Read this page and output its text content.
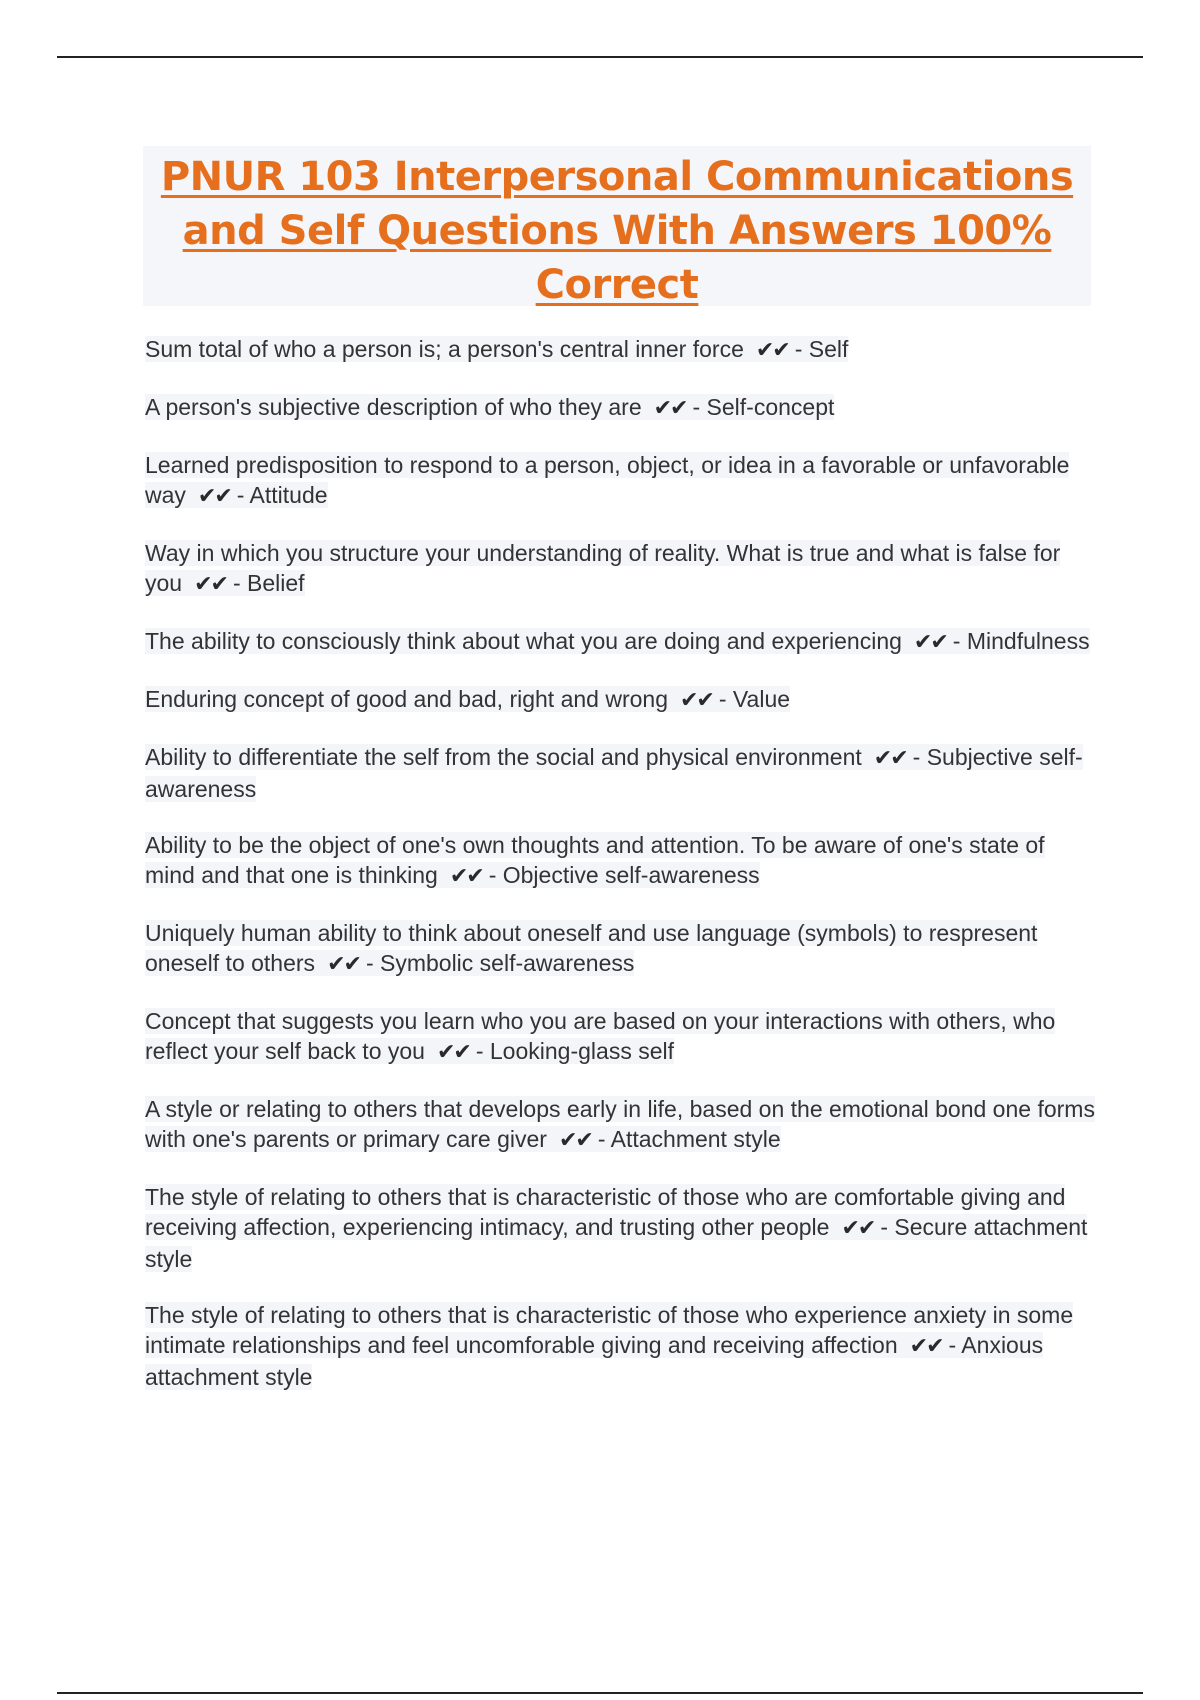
PNUR 103 Interpersonal Communications and Self Questions With Answers 100% Correct

Sum total of who a person is; a person's central inner force ✔✔ - Self

A person's subjective description of who they are ✔✔ - Self-concept

Learned predisposition to respond to a person, object, or idea in a favorable or unfavorable way ✔✔ - Attitude

Way in which you structure your understanding of reality. What is true and what is false for you ✔✔ - Belief

The ability to consciously think about what you are doing and experiencing ✔✔ - Mindfulness

Enduring concept of good and bad, right and wrong ✔✔ - Value

Ability to differentiate the self from the social and physical environment ✔✔ - Subjective self-awareness

Ability to be the object of one's own thoughts and attention. To be aware of one's state of mind and that one is thinking ✔✔ - Objective self-awareness

Uniquely human ability to think about oneself and use language (symbols) to respresent oneself to others ✔✔ - Symbolic self-awareness

Concept that suggests you learn who you are based on your interactions with others, who reflect your self back to you ✔✔ - Looking-glass self

A style or relating to others that develops early in life, based on the emotional bond one forms with one's parents or primary care giver ✔✔ - Attachment style

The style of relating to others that is characteristic of those who are comfortable giving and receiving affection, experiencing intimacy, and trusting other people ✔✔ - Secure attachment style

The style of relating to others that is characteristic of those who experience anxiety in some intimate relationships and feel uncomforable giving and receiving affection ✔✔ - Anxious attachment style
